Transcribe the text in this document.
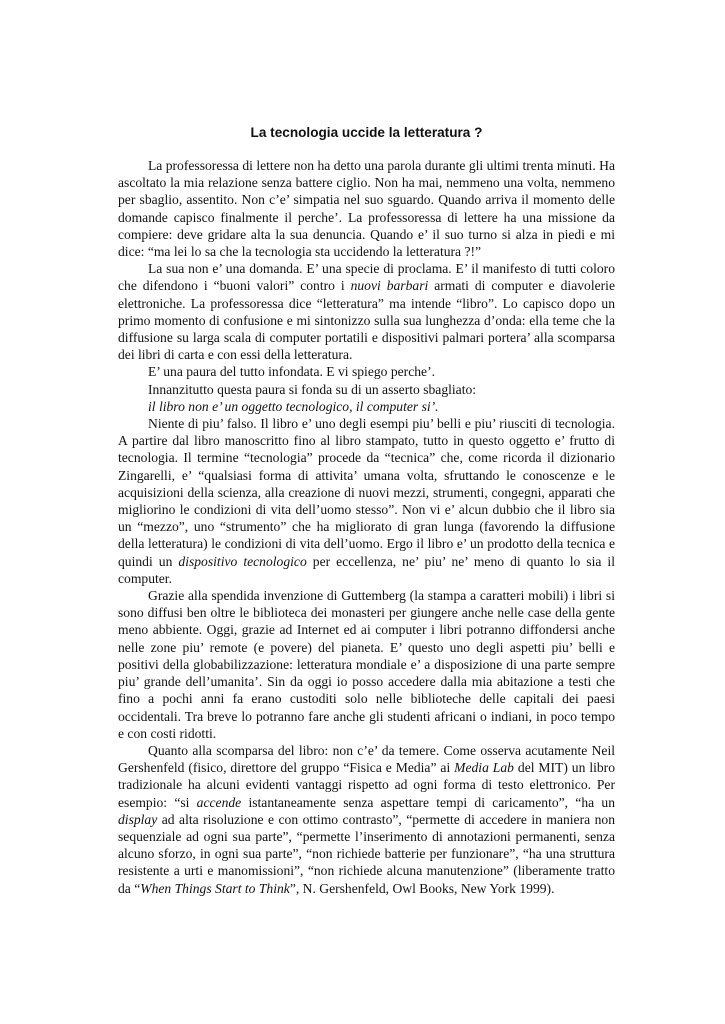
La tecnologia uccide la letteratura ?

La professoressa di lettere non ha detto una parola durante gli ultimi trenta minuti. Ha ascoltato la mia relazione senza battere ciglio. Non ha mai, nemmeno una volta, nemmeno per sbaglio, assentito. Non c’e’ simpatia nel suo sguardo. Quando arriva il momento delle domande capisco finalmente il perche’. La professoressa di lettere ha una missione da compiere: deve gridare alta la sua denuncia. Quando e’ il suo turno si alza in piedi e mi dice: “ma lei lo sa che la tecnologia sta uccidendo la letteratura ?!”

La sua non e’ una domanda. E’ una specie di proclama. E’ il manifesto di tutti coloro che difendono i “buoni valori” contro i nuovi barbari armati di computer e diavolerie elettroniche. La professoressa dice “letteratura” ma intende “libro”. Lo capisco dopo un primo momento di confusione e mi sintonizzo sulla sua lunghezza d’onda: ella teme che la diffusione su larga scala di computer portatili e dispositivi palmari portera’ alla scomparsa dei libri di carta e con essi della letteratura.

E’ una paura del tutto infondata. E vi spiego perche’.

Innanzitutto questa paura si fonda su di un asserto sbagliato:

il libro non e’ un oggetto tecnologico, il computer si’.

Niente di piu’ falso. Il libro e’ uno degli esempi piu’ belli e piu’ riusciti di tecnologia. A partire dal libro manoscritto fino al libro stampato, tutto in questo oggetto e’ frutto di tecnologia. Il termine “tecnologia” procede da “tecnica” che, come ricorda il dizionario Zingarelli, e’ “qualsiasi forma di attivita’ umana volta, sfruttando le conoscenze e le acquisizioni della scienza, alla creazione di nuovi mezzi, strumenti, congegni, apparati che migliorino le condizioni di vita dell’uomo stesso”. Non vi e’ alcun dubbio che il libro sia un “mezzo”, uno “strumento” che ha migliorato di gran lunga (favorendo la diffusione della letteratura) le condizioni di vita dell’uomo. Ergo il libro e’ un prodotto della tecnica e quindi un dispositivo tecnologico per eccellenza, ne’ piu’ ne’ meno di quanto lo sia il computer.

Grazie alla spendida invenzione di Guttemberg (la stampa a caratteri mobili) i libri si sono diffusi ben oltre le biblioteca dei monasteri per giungere anche nelle case della gente meno abbiente. Oggi, grazie ad Internet ed ai computer i libri potranno diffondersi anche nelle zone piu’ remote (e povere) del pianeta. E’ questo uno degli aspetti piu’ belli e positivi della globabilizzazione: letteratura mondiale e’ a disposizione di una parte sempre piu’ grande dell’umanita’. Sin da oggi io posso accedere dalla mia abitazione a testi che fino a pochi anni fa erano custoditi solo nelle biblioteche delle capitali dei paesi occidentali. Tra breve lo potranno fare anche gli studenti africani o indiani, in poco tempo e con costi ridotti.

Quanto alla scomparsa del libro: non c’e’ da temere. Come osserva acutamente Neil Gershenfeld (fisico, direttore del gruppo “Fisica e Media” ai Media Lab del MIT) un libro tradizionale ha alcuni evidenti vantaggi rispetto ad ogni forma di testo elettronico. Per esempio: “si accende istantaneamente senza aspettare tempi di caricamento”, “ha un display ad alta risoluzione e con ottimo contrasto”, “permette di accedere in maniera non sequenziale ad ogni sua parte”, “permette l’inserimento di annotazioni permanenti, senza alcuno sforzo, in ogni sua parte”, “non richiede batterie per funzionare”, “ha una struttura resistente a urti e manomissioni”, “non richiede alcuna manutenzione” (liberamente tratto da “When Things Start to Think”, N. Gershenfeld, Owl Books, New York 1999).
